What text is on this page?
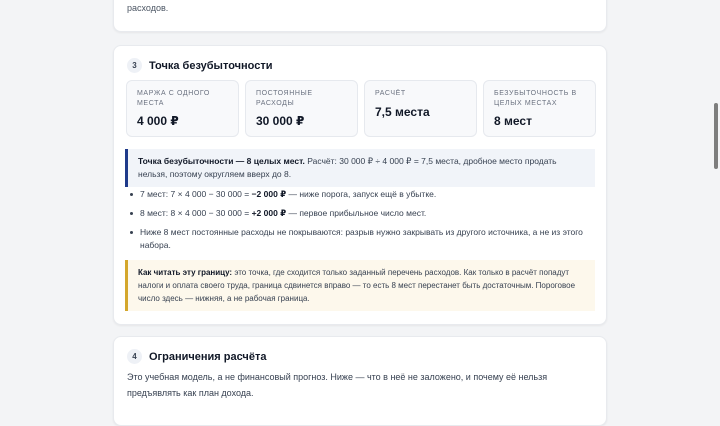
расходов.
3	Точка безубыточности
МАРЖА С ОДНОГО МЕСТА
4 000 ₽
ПОСТОЯННЫЕ РАСХОДЫ
30 000 ₽
РАСЧЁТ
7,5 места
БЕЗУБЫТОЧНОСТЬ В ЦЕЛЫХ МЕСТАХ
8 мест
Точка безубыточности — 8 целых мест. Расчёт: 30 000 ₽ ÷ 4 000 ₽ = 7,5 места, дробное место продать нельзя, поэтому округляем вверх до 8.
7 мест: 7 × 4 000 − 30 000 = −2 000 ₽ — ниже порога, запуск ещё в убытке.
8 мест: 8 × 4 000 − 30 000 = +2 000 ₽ — первое прибыльное число мест.
Ниже 8 мест постоянные расходы не покрываются: разрыв нужно закрывать из другого источника, а не из этого набора.
Как читать эту границу: это точка, где сходится только заданный перечень расходов. Как только в расчёт попадут налоги и оплата своего труда, граница сдвинется вправо — то есть 8 мест перестанет быть достаточным. Пороговое число здесь — нижняя, а не рабочая граница.
4	Ограничения расчёта
Это учебная модель, а не финансовый прогноз. Ниже — что в неё не заложено, и почему её нельзя предъявлять как план дохода.
